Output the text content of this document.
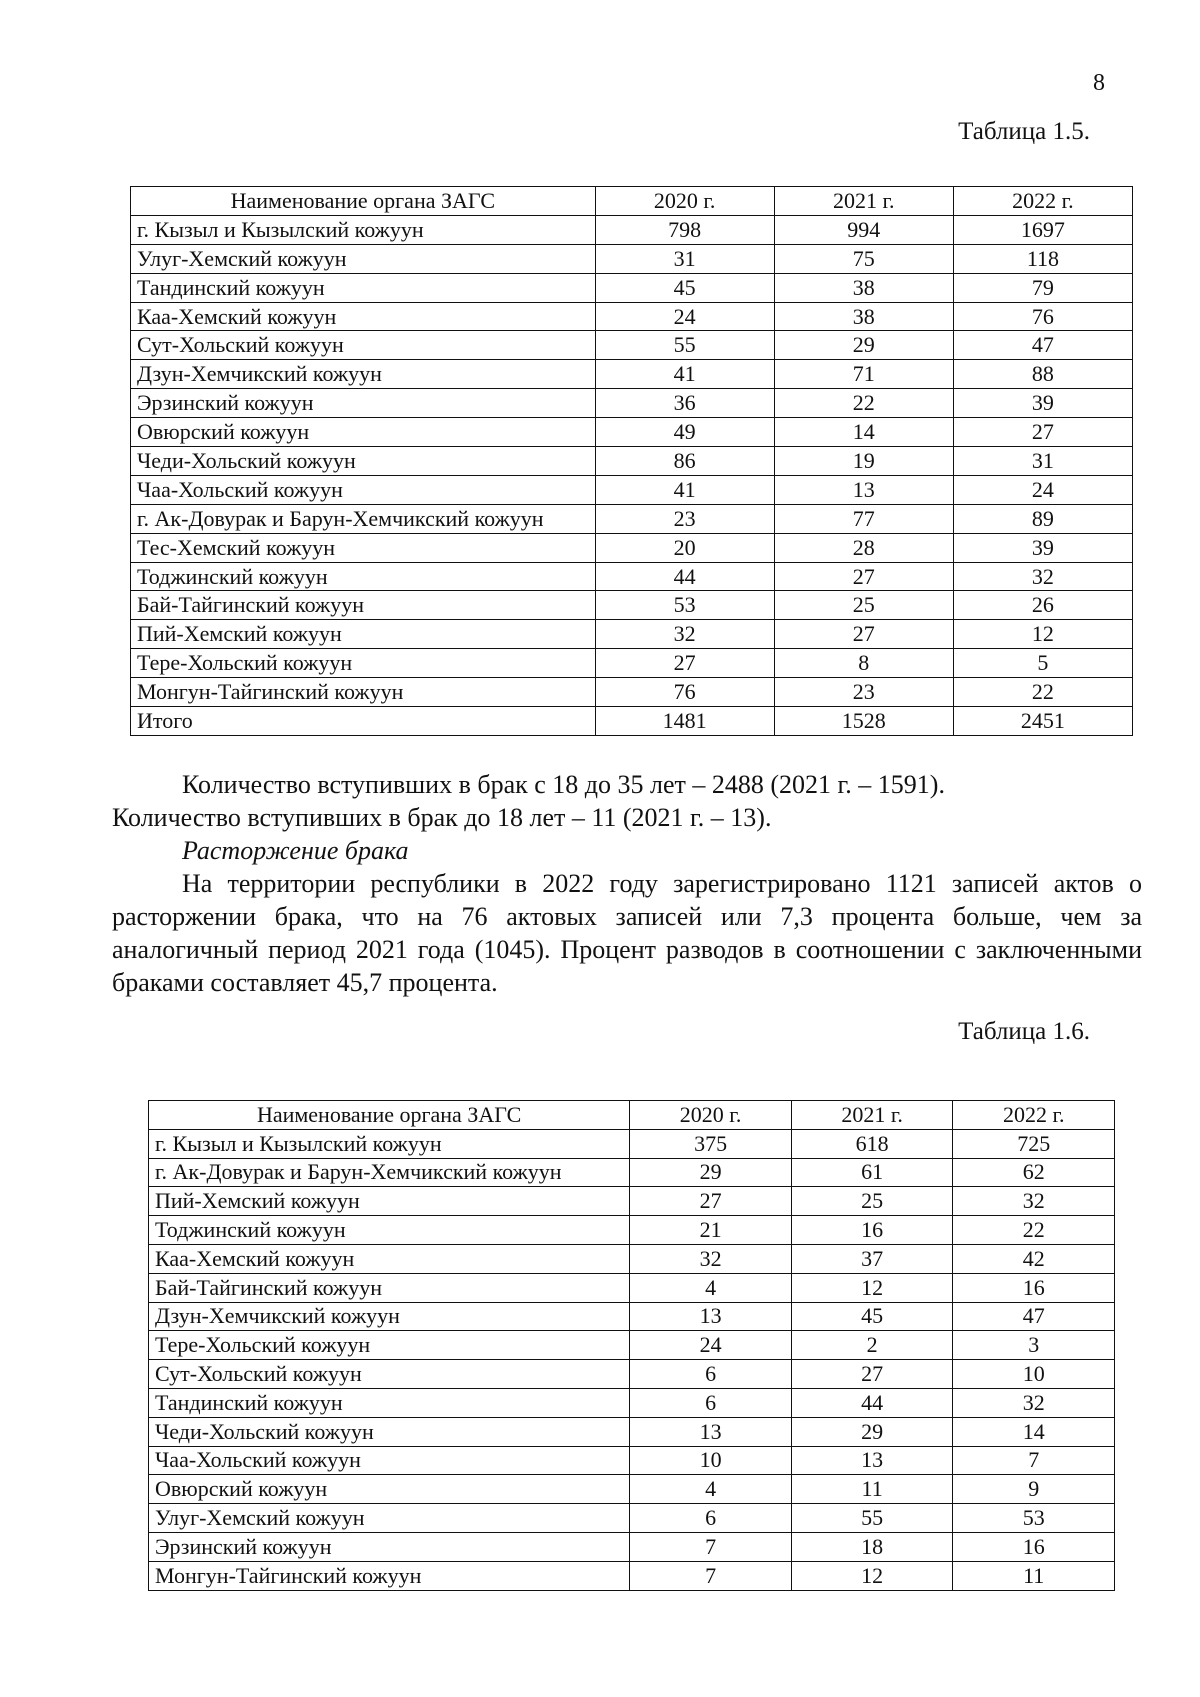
8
Таблица 1.5.
Наименование органа ЗАГС	2020 г.	2021 г.	2022 г.
г. Кызыл и Кызылский кожуун	798	994	1697
Улуг-Хемский кожуун	31	75	118
Тандинский кожуун	45	38	79
Каа-Хемский кожуун	24	38	76
Сут-Хольский кожуун	55	29	47
Дзун-Хемчикский кожуун	41	71	88
Эрзинский кожуун	36	22	39
Овюрский кожуун	49	14	27
Чеди-Хольский кожуун	86	19	31
Чаа-Хольский кожуун	41	13	24
г. Ак-Довурак и Барун-Хемчикский кожуун	23	77	89
Тес-Хемский кожуун	20	28	39
Тоджинский кожуун	44	27	32
Бай-Тайгинский кожуун	53	25	26
Пий-Хемский кожуун	32	27	12
Тере-Хольский кожуун	27	8	5
Монгун-Тайгинский кожуун	76	23	22
Итого	1481	1528	2451

Количество вступивших в брак с 18 до 35 лет – 2488 (2021 г. – 1591).

Количество вступивших в брак до 18 лет – 11 (2021 г. – 13).

Расторжение брака

На территории республики в 2022 году зарегистрировано 1121 записей актов о расторжении брака, что на 76 актовых записей или 7,3 процента больше, чем за аналогичный период 2021 года (1045). Процент разводов в соотношении с заключенными браками составляет 45,7 процента.

Таблица 1.6.
Наименование органа ЗАГС	2020 г.	2021 г.	2022 г.
г. Кызыл и Кызылский кожуун	375	618	725
г. Ак-Довурак и Барун-Хемчикский кожуун	29	61	62
Пий-Хемский кожуун	27	25	32
Тоджинский кожуун	21	16	22
Каа-Хемский кожуун	32	37	42
Бай-Тайгинский кожуун	4	12	16
Дзун-Хемчикский кожуун	13	45	47
Тере-Хольский кожуун	24	2	3
Сут-Хольский кожуун	6	27	10
Тандинский кожуун	6	44	32
Чеди-Хольский кожуун	13	29	14
Чаа-Хольский кожуун	10	13	7
Овюрский кожуун	4	11	9
Улуг-Хемский кожуун	6	55	53
Эрзинский кожуун	7	18	16
Монгун-Тайгинский кожуун	7	12	11
